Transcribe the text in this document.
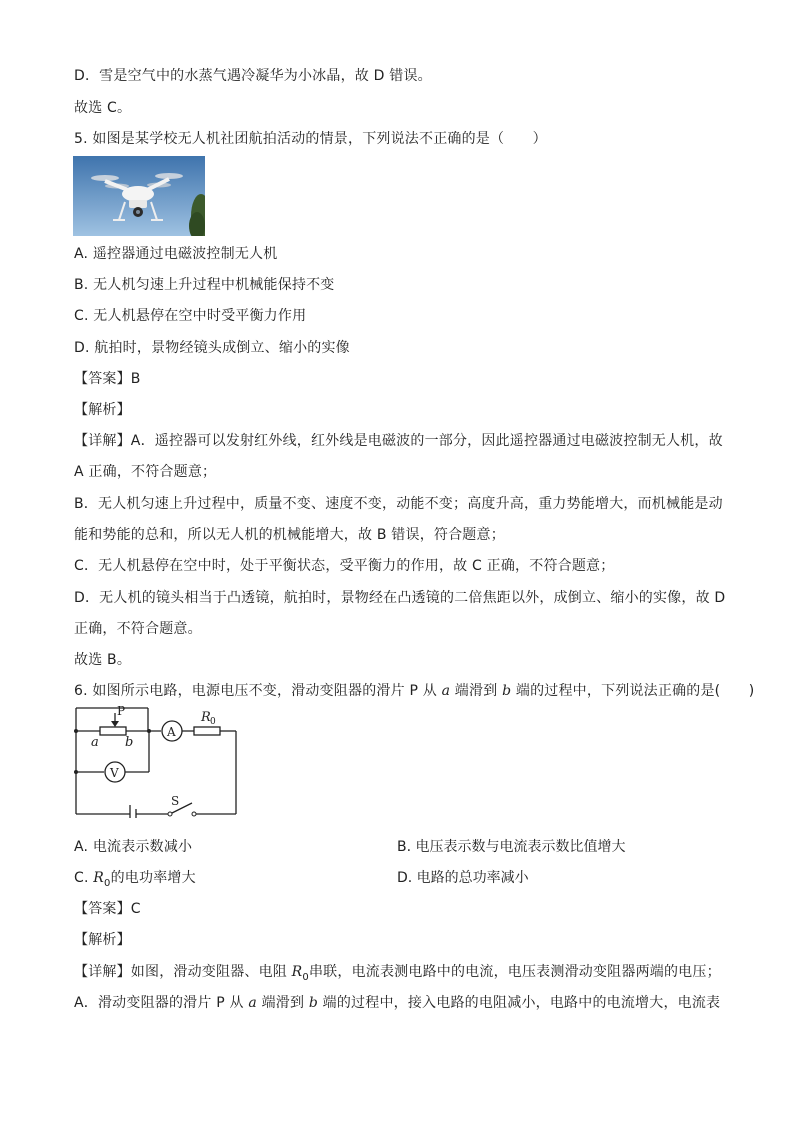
D．雪是空气中的水蒸气遇冷凝华为小冰晶，故 D 错误。
故选 C。
5. 如图是某学校无人机社团航拍活动的情景，下列说法不正确的是（　　）
A. 遥控器通过电磁波控制无人机
B. 无人机匀速上升过程中机械能保持不变
C. 无人机悬停在空中时受平衡力作用
D. 航拍时，景物经镜头成倒立、缩小的实像
【答案】B
【解析】
【详解】A．遥控器可以发射红外线，红外线是电磁波的一部分，因此遥控器通过电磁波控制无人机，故
A 正确，不符合题意；
B．无人机匀速上升过程中，质量不变、速度不变，动能不变；高度升高，重力势能增大，而机械能是动
能和势能的总和，所以无人机的机械能增大，故 B 错误，符合题意；
C．无人机悬停在空中时，处于平衡状态，受平衡力的作用，故 C 正确，不符合题意；
D．无人机的镜头相当于凸透镜，航拍时，景物经在凸透镜的二倍焦距以外，成倒立、缩小的实像，故 D
正确，不符合题意。
故选 B。
6. 如图所示电路，电源电压不变，滑动变阻器的滑片 P 从 a 端滑到 b 端的过程中，下列说法正确的是(　　)
P
a b
A
V
R 0
S
A. 电流表示数减小	B. 电压表示数与电流表示数比值增大
C. $R_0$的电功率增大	D. 电路的总功率减小
【答案】C
【解析】
【详解】如图，滑动变阻器、电阻 $R_0$串联，电流表测电路中的电流，电压表测滑动变阻器两端的电压；
A．滑动变阻器的滑片 P 从 a 端滑到 b 端的过程中，接入电路的电阻减小，电路中的电流增大，电流表
